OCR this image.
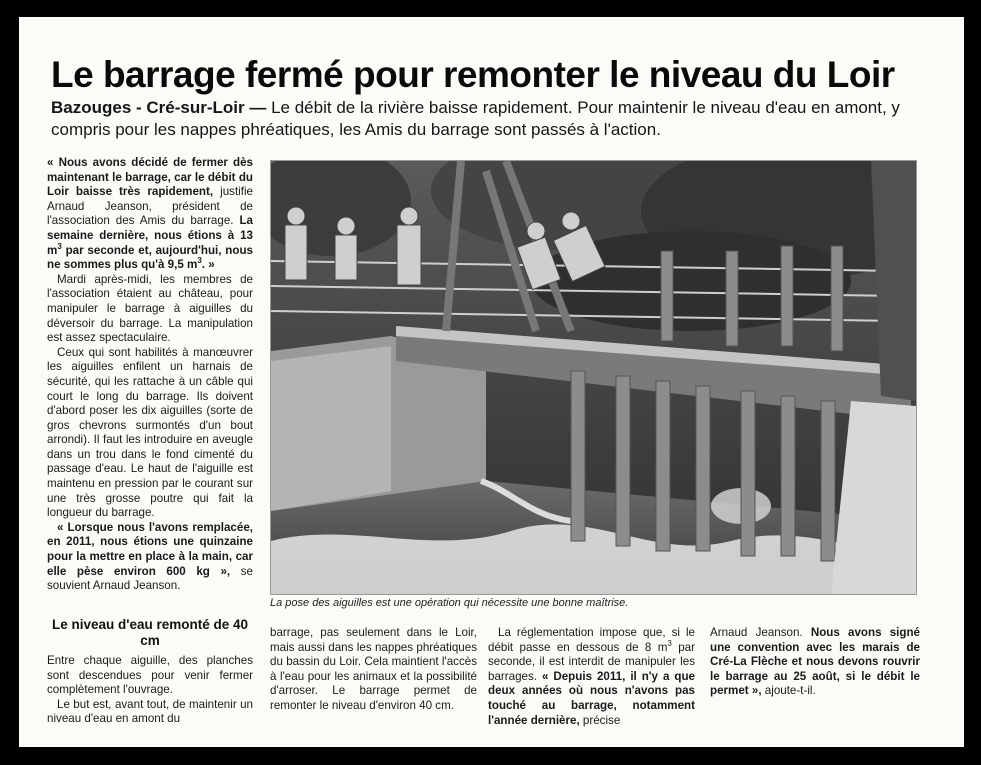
Le barrage fermé pour remonter le niveau du Loir

Bazouges - Cré-sur-Loir — Le débit de la rivière baisse rapidement. Pour maintenir le niveau d'eau en amont, y compris pour les nappes phréatiques, les Amis du barrage sont passés à l'action.

« Nous avons décidé de fermer dès maintenant le barrage, car le débit du Loir baisse très rapidement, justifie Arnaud Jeanson, président de l'association des Amis du barrage. La semaine dernière, nous étions à 13 $m^3$ par seconde et, aujourd'hui, nous ne sommes plus qu'à 9,5 $m^3$. »

Mardi après-midi, les membres de l'association étaient au château, pour manipuler le barrage à aiguilles du déversoir du barrage. La manipulation est assez spectaculaire.

Ceux qui sont habilités à manœuvrer les aiguilles enfilent un harnais de sécurité, qui les rattache à un câble qui court le long du barrage. Ils doivent d'abord poser les dix aiguilles (sorte de gros chevrons surmontés d'un bout arrondi). Il faut les introduire en aveugle dans un trou dans le fond cimenté du passage d'eau. Le haut de l'aiguille est maintenu en pression par le courant sur une très grosse poutre qui fait la longueur du barrage.

« Lorsque nous l'avons remplacée, en 2011, nous étions une quinzaine pour la mettre en place à la main, car elle pèse environ 600 kg », se souvient Arnaud Jeanson.

Le niveau d'eau remonté de 40 cm

Entre chaque aiguille, des planches sont descendues pour venir fermer complètement l'ouvrage.

Le but est, avant tout, de maintenir un niveau d'eau en amont du

La pose des aiguilles est une opération qui nécessite une bonne maîtrise.

barrage, pas seulement dans le Loir, mais aussi dans les nappes phréatiques du bassin du Loir. Cela maintient l'accès à l'eau pour les animaux et la possibilité d'arroser. Le barrage permet de remonter le niveau d'environ 40 cm.

La réglementation impose que, si le débit passe en dessous de 8 $m^3$ par seconde, il est interdit de manipuler les barrages. « Depuis 2011, il n'y a que deux années où nous n'avons pas touché au barrage, notamment l'année dernière, précise

Arnaud Jeanson. Nous avons signé une convention avec les marais de Cré-La Flèche et nous devons rouvrir le barrage au 25 août, si le débit le permet », ajoute-t-il.
